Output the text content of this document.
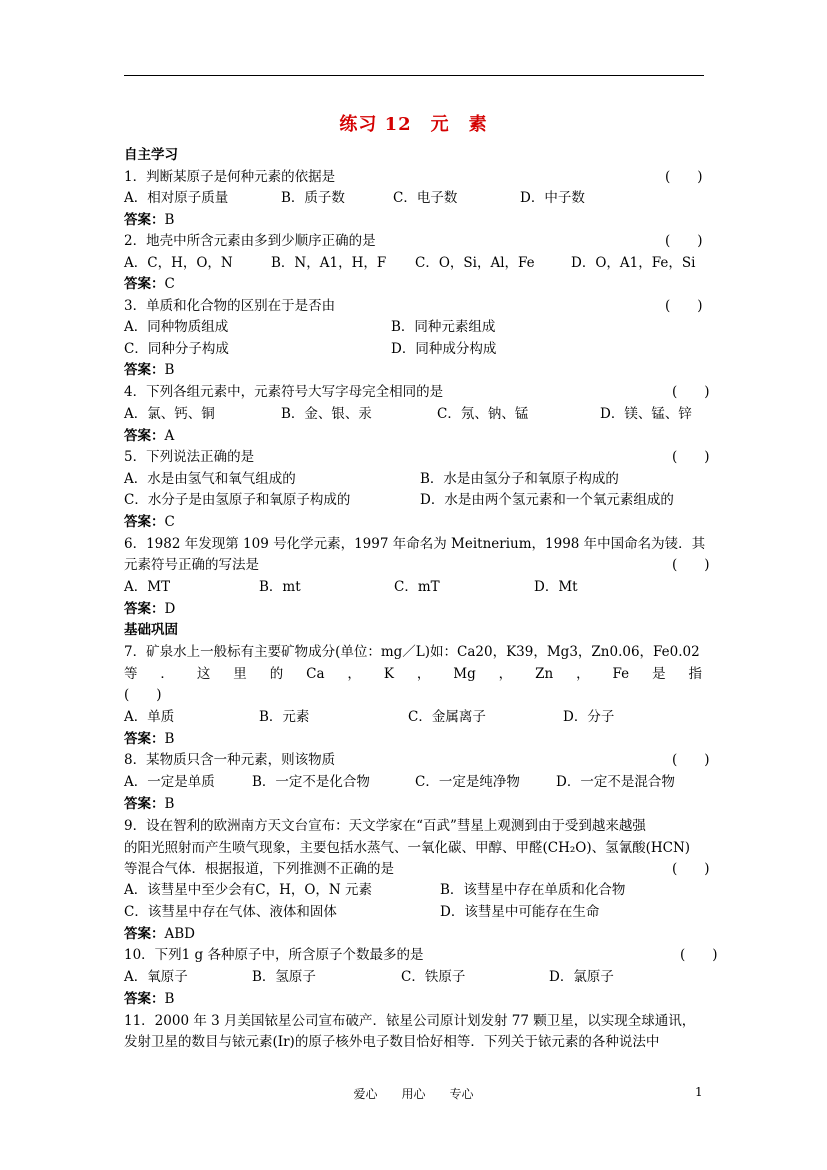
练习 12　元　素
自主学习
1．判断某原子是何种元素的依据是	(　　)
A．相对原子质量	B．质子数	C．电子数	D．中子数
答案：B
2．地壳中所含元素由多到少顺序正确的是	(　　)
A．C，H，O，N	B．N，A1，H，F C．O，Si，Al，Fe	D．O，A1，Fe，Si
答案：C
3．单质和化合物的区别在于是否由	(　　)
A．同种物质组成	B．同种元素组成
C．同种分子构成	D．同种成分构成
答案：B
4．下列各组元素中，元素符号大写字母完全相同的是	(　　)
A．氯、钙、铜	B．金、银、汞	C．氖、钠、锰	D．镁、锰、锌
答案：A
5．下列说法正确的是	(　　)
A．水是由氢气和氧气组成的	B．水是由氢分子和氧原子构成的
C．水分子是由氢原子和氧原子构成的	D．水是由两个氢元素和一个氧元素组成的
答案：C
6．1982 年发现第 109 号化学元素，1997 年命名为 Meitnerium，1998 年中国命名为鿏．其
元素符号正确的写法是	(　　)
A．MT	B．mt	C．mT	D．Mt
答案：D
基础巩固
7．矿泉水上一般标有主要矿物成分(单位：mg／L)如：Ca20，K39，Mg3，Zn0.06，Fe0.02
等 ． 这 里 的 Ca ， K ， Mg ， Zn ， Fe 是 指
(　　)
A．单质	B．元素	C．金属离子	D．分子
答案：B
8．某物质只含一种元素，则该物质	(　　)
A．一定是单质	B．一定不是化合物	C．一定是纯净物	D．一定不是混合物
答案：B
9．设在智利的欧洲南方天文台宣布：天文学家在“百武”彗星上观测到由于受到越来越强
的阳光照射而产生喷气现象，主要包括水蒸气、一氧化碳、甲醇、甲醛(CH₂O)、氢氰酸(HCN)
等混合气体．根据报道，下列推测不正确的是	(　　)
A．该彗星中至少会有C，H，O，N 元素	B．该彗星中存在单质和化合物
C．该彗星中存在气体、液体和固体	D．该彗星中可能存在生命
答案：ABD
10．下列1 g 各种原子中，所含原子个数最多的是	(　　)
A．氧原子	B．氢原子	C．铁原子	D．氯原子
答案：B
11．2000 年 3 月美国铱星公司宣布破产．铱星公司原计划发射 77 颗卫星，以实现全球通讯，
发射卫星的数目与铱元素(Ir)的原子核外电子数目恰好相等．下列关于铱元素的各种说法中
爱心　　用心　　专心	1
